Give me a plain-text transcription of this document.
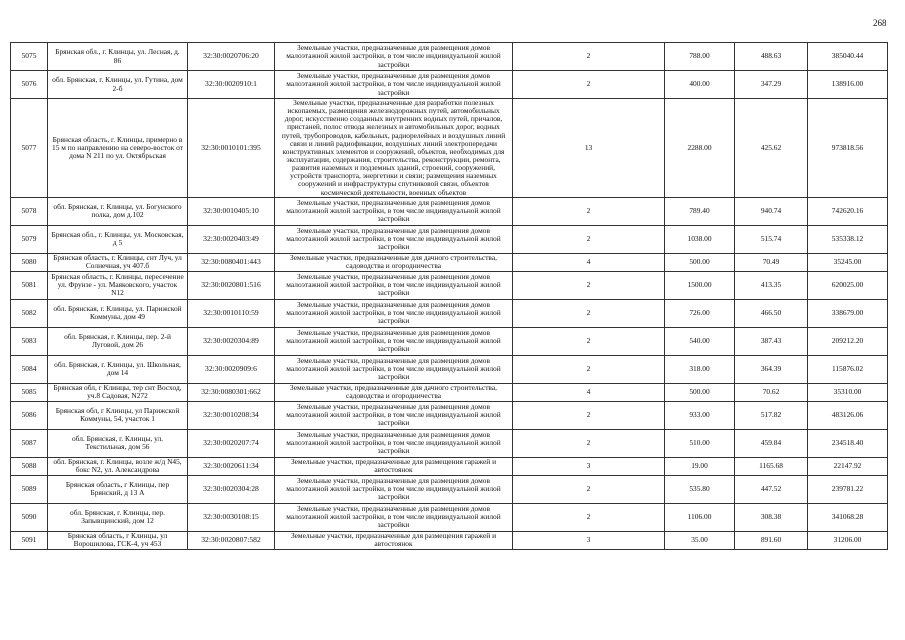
268
5075	Брянская обл., г. Клинцы, ул. Лесная, д. 86	32:30:0020706:20	Земельные участки, предназначенные для размещения домов малоэтажной жилой застройки, в том числе индивидуальной жилой застройки	2	788.00	488.63	385040.44
5076	обл. Брянская, г. Клинцы, ул. Гутина, дом 2-б	32:30:0020910:1	Земельные участки, предназначенные для размещения домов малоэтажной жилой застройки, в том числе индивидуальной жилой застройки	2	400.00	347.29	138916.00
5077	Брянская область, г. Клинцы, примерно в 15 м по направлению на северо-восток от дома N 211 по ул. Октябрьская	32:30:0010101:395	Земельные участки, предназначенные для разработки полезных ископаемых, размещения железнодорожных путей, автомобильных дорог, искусственно созданных внутренних водных путей, причалов, пристаней, полос отвода железных и автомобильных дорог, водных путей, трубопроводов, кабельных, радиорелейных и воздушных линий связи и линий радиофикации, воздушных линий электропередачи конструктивных элементов и сооружений, объектов, необходимых для эксплуатации, содержания, строительства, реконструкции, ремонта, развития наземных и подземных зданий, строений, сооружений, устройств транспорта, энергетики и связи; размещения наземных сооружений и инфраструктуры спутниковой связи, объектов космической деятельности, военных объектов	13	2288.00	425.62	973818.56
5078	обл. Брянская, г. Клинцы, ул. Богунского полка, дом д.102	32:30:0010405:10	Земельные участки, предназначенные для размещения домов малоэтажной жилой застройки, в том числе индивидуальной жилой застройки	2	789.40	940.74	742620.16
5079	Брянская обл., г. Клинцы, ул. Московская, д 5	32:30:0020403:49	Земельные участки, предназначенные для размещения домов малоэтажной жилой застройки, в том числе индивидуальной жилой застройки	2	1038.00	515.74	535338.12
5080	Брянская область, г. Клинцы, снт Луч, ул Солнечная, уч 407.б	32:30:0080401:443	Земельные участки, предназначенные для дачного строительства, садоводства и огородничества	4	500.00	70.49	35245.00
5081	Брянская область, г. Клинцы, пересечение ул. Фрунзе - ул. Маяковского, участок N12	32:30:0020801:516	Земельные участки, предназначенные для размещения домов малоэтажной жилой застройки, в том числе индивидуальной жилой застройки	2	1500.00	413.35	620025.00
5082	обл. Брянская, г. Клинцы, ул. Парижской Коммуны, дом 49	32:30:0010110:59	Земельные участки, предназначенные для размещения домов малоэтажной жилой застройки, в том числе индивидуальной жилой застройки	2	726.00	466.50	338679.00
5083	обл. Брянская, г. Клинцы, пер. 2-й Луговой, дом 26	32:30:0020304:89	Земельные участки, предназначенные для размещения домов малоэтажной жилой застройки, в том числе индивидуальной жилой застройки	2	540.00	387.43	209212.20
5084	обл. Брянская, г. Клинцы, ул. Школьная, дом 14	32:30:0020909:6	Земельные участки, предназначенные для размещения домов малоэтажной жилой застройки, в том числе индивидуальной жилой застройки	2	318.00	364.39	115876.02
5085	Брянская обл, г Клинцы, тер снт Восход, уч.8 Садовая, N272	32:30:0080301:662	Земельные участки, предназначенные для дачного строительства, садоводства и огородничества	4	500.00	70.62	35310.00
5086	Брянская обл, г Клинцы, ул Парижской Коммуны, 54, участок 1	32:30:0010208:34	Земельные участки, предназначенные для размещения домов малоэтажной жилой застройки, в том числе индивидуальной жилой застройки	2	933.00	517.82	483126.06
5087	обл. Брянская, г. Клинцы, ул. Текстильная, дом 56	32:30:0020207:74	Земельные участки, предназначенные для размещения домов малоэтажной жилой застройки, в том числе индивидуальной жилой застройки	2	510.00	459.84	234518.40
5088	обл. Брянская, г. Клинцы, возле ж/д N45, бокс N2, ул. Александрова	32:30:0020611:34	Земельные участки, предназначенные для размещения гаражей и автостоянок	3	19.00	1165.68	22147.92
5089	Брянская область, г Клинцы, пер Брянский, д 13 А	32:30:0020304:28	Земельные участки, предназначенные для размещения домов малоэтажной жилой застройки, в том числе индивидуальной жилой застройки	2	535.80	447.52	239781.22
5090	обл. Брянская, г. Клинцы, пер. Запывщинский, дом 12	32:30:0030108:15	Земельные участки, предназначенные для размещения домов малоэтажной жилой застройки, в том числе индивидуальной жилой застройки	2	1106.00	308.38	341068.28
5091	Брянская область, г Клинцы, ул Ворошилова, ГСК-4, уч 453	32:30:0020807:582	Земельные участки, предназначенные для размещения гаражей и автостоянок	3	35.00	891.60	31206.00
